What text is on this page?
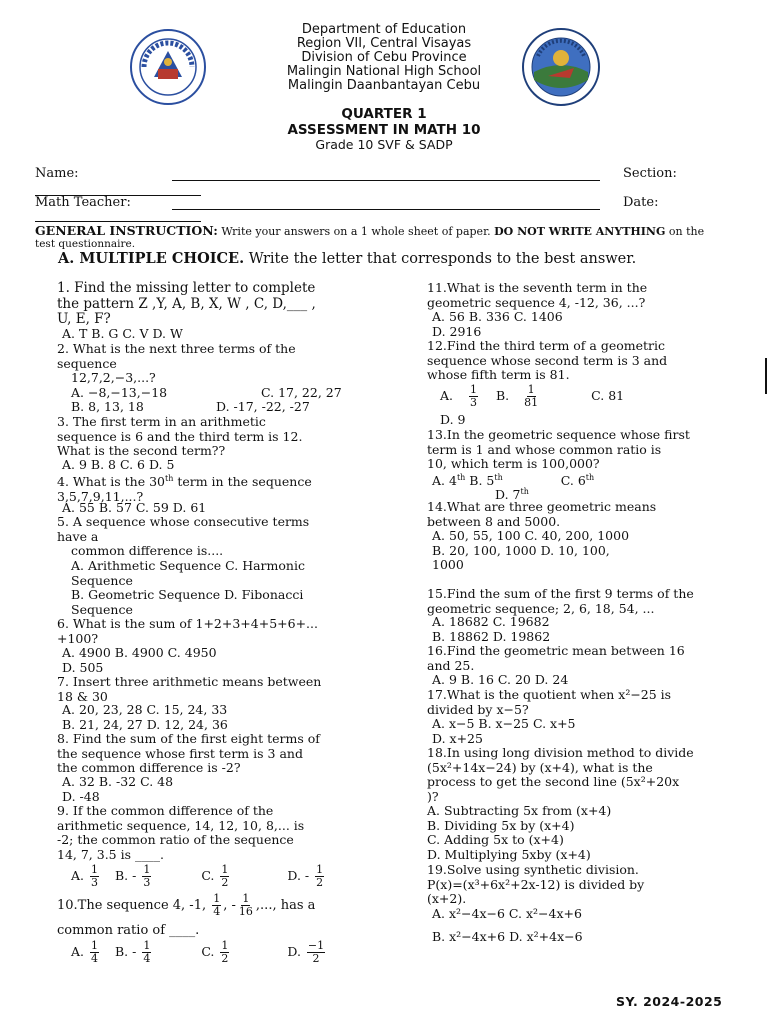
Department of Education
Region VII, Central Visayas
Division of Cebu Province
Malingin National High School
Malingin Daanbantayan Cebu
QUARTER 1
ASSESSMENT IN MATH 10
Grade 10 SVF & SADP
Name:	Section:
Math Teacher:	Date:
GENERAL INSTRUCTION: Write your answers on a 1 whole sheet of paper. DO NOT WRITE ANYTHING on the
test questionnaire.
A. MULTIPLE CHOICE. Write the letter that corresponds to the best answer.
1. Find the missing letter to complete
the pattern Z ,Y, A, B, X, W , C, D,___ ,
U, E, F?
A. T B. G C. V D. W
2. What is the next three terms of the
sequence
12,7,2,−3,...?
A. −8,−13,−18	C. 17, 22, 27
B. 8, 13, 18	D. -17, -22, -27
3. The first term in an arithmetic
sequence is 6 and the third term is 12.
What is the second term??
A. 9 B. 8 C. 6 D. 5
4. What is the 30th term in the sequence
3,5,7,9,11,...?
A. 55 B. 57 C. 59 D. 61
5. A sequence whose consecutive terms
have a
common difference is....
A. Arithmetic Sequence C. Harmonic
Sequence
B. Geometric Sequence D. Fibonacci
Sequence
6. What is the sum of 1+2+3+4+5+6+...
+100?
A. 4900 B. 4900 C. 4950
D. 505
7. Insert three arithmetic means between
18 & 30
A. 20, 23, 28 C. 15, 24, 33
B. 21, 24, 27 D. 12, 24, 36
8. Find the sum of the first eight terms of
the sequence whose first term is 3 and
the common difference is -2?
A. 32 B. -32 C. 48
D. -48
9. If the common difference of the
arithmetic sequence, 14, 12, 10, 8,... is
-2; the common ratio of the sequence
14, 7, 3.5 is ____.
A. $\frac{1}{3} B$. - $\frac{1}{3}$	C. $\frac{1}{2}$	D. - $\frac{1}{2}$
10.The sequence 4, -1, $\frac{1}{4}$ , - $\frac{1}{16}$ ,..., has a
common ratio of ____.
A. $\frac{1}{4} B$. - $\frac{1}{4}$	C. $\frac{1}{2}$	D. $\frac{-1}{2}$
11.What is the seventh term in the
geometric sequence 4, -12, 36, ...?
A. 56 B. 336 C. 1406
D. 2916
12.Find the third term of a geometric
sequence whose second term is 3 and
whose fifth term is 81.
A. $\frac{1}{3} B$. $\frac{1}{81}$	C. 81
D. 9
13.In the geometric sequence whose first
term is 1 and whose common ratio is
10, which term is 100,000?
A. 4th B. 5th	C. 6th
D. 7th
14.What are three geometric means
between 8 and 5000.
A. 50, 55, 100 C. 40, 200, 1000
B. 20, 100, 1000 D. 10, 100,
1000
15.Find the sum of the first 9 terms of the
geometric sequence; 2, 6, 18, 54, ...
A. 18682 C. 19682
B. 18862 D. 19862
16.Find the geometric mean between 16
and 25.
A. 9 B. 16 C. 20 D. 24
17.What is the quotient when x²−25 is
divided by x−5?
A. x−5 B. x−25 C. x+5
D. x+25
18.In using long division method to divide
(5x²+14x−24) by (x+4), what is the
process to get the second line (5x²+20x
)?
A. Subtracting 5x from (x+4)
B. Dividing 5x by (x+4)
C. Adding 5x to (x+4)
D. Multiplying 5xby (x+4)
19.Solve using synthetic division.
P(x)=(x³+6x²+2x-12) is divided by
(x+2).
A. x²−4x−6 C. x²−4x+6
B. x²−4x+6 D. x²+4x−6
SY. 2024-2025
